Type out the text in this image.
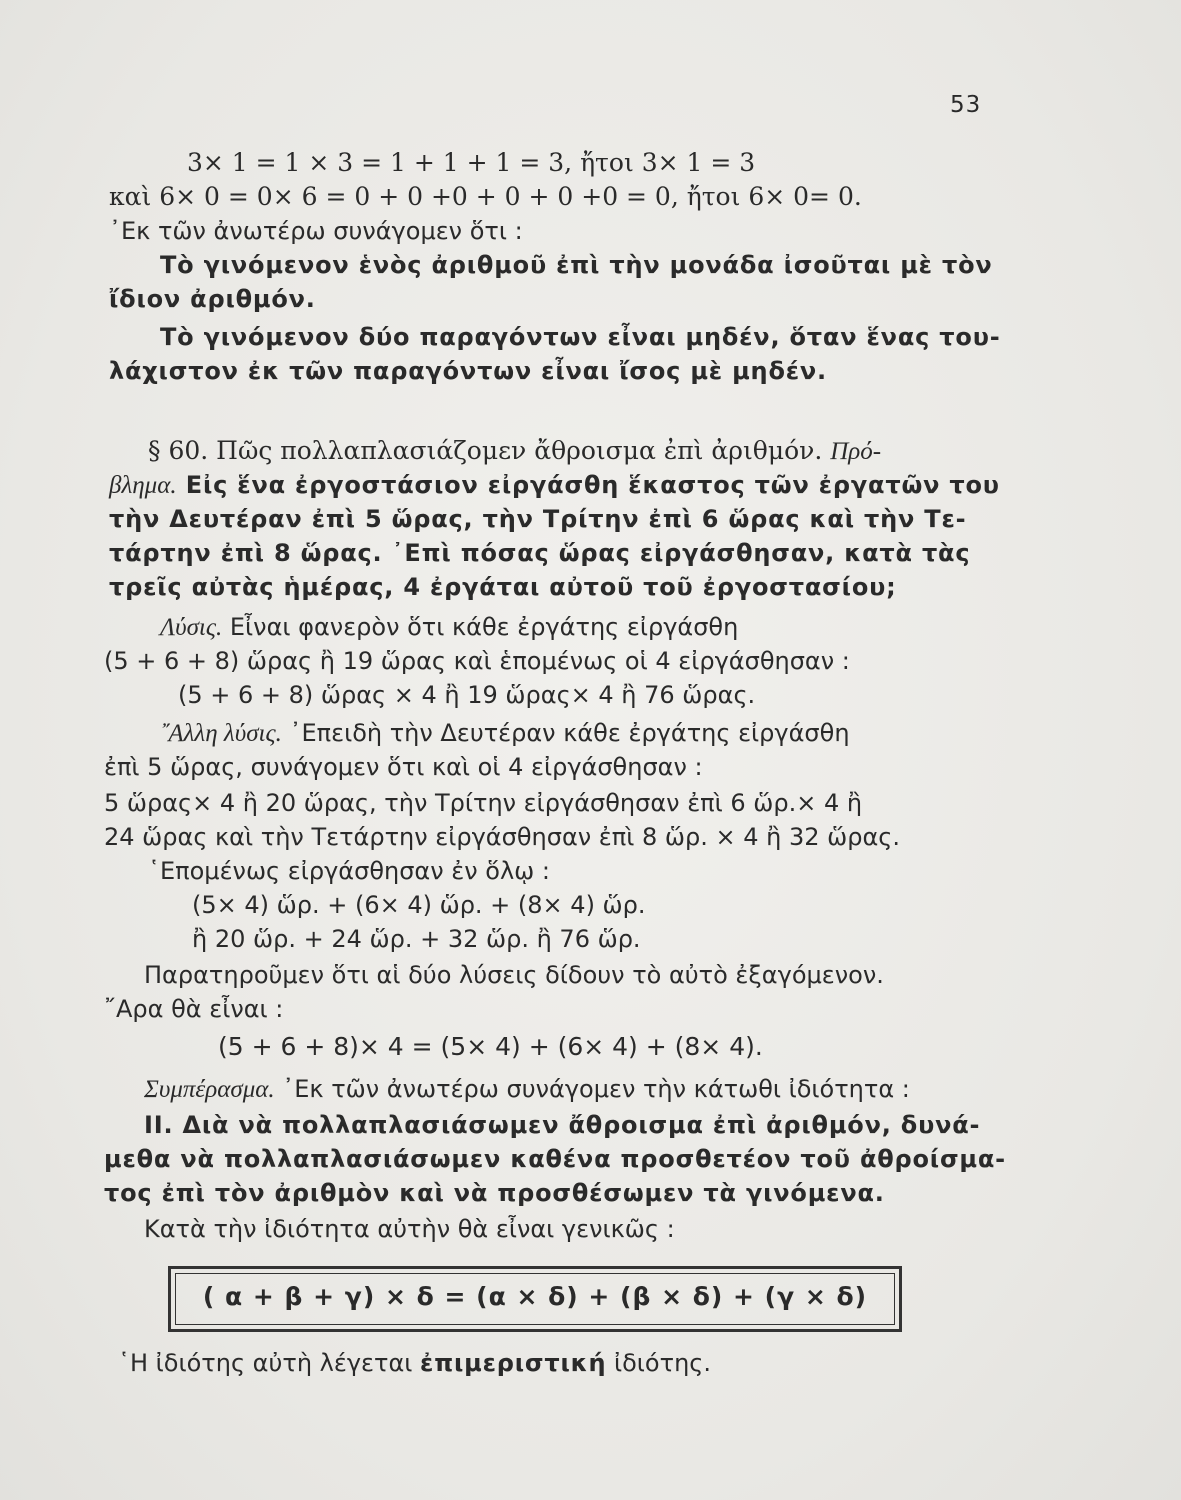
53
3× 1 = 1 × 3 = 1 + 1 + 1 = 3, ἤτοι 3× 1 = 3
καὶ 6× 0 = 0× 6 = 0 + 0 +0 + 0 + 0 +0 = 0, ἤτοι 6× 0= 0.
᾿Εκ τῶν ἀνωτέρω συνάγομεν ὅτι :
Τὸ γινόμενον ἑνὸς ἀριθμοῦ ἐπὶ τὴν μονάδα ἰσοῦται μὲ τὸν
ἴδιον ἀριθμόν.
Τὸ γινόμενον δύο παραγόντων εἶναι μηδέν, ὅταν ἕνας του-
λάχιστον ἐκ τῶν παραγόντων εἶναι ἴσος μὲ μηδέν.
§ 60. Πῶς πολλαπλασιάζομεν ἄθροισμα ἐπὶ ἀριθμόν. Πρό-
βλημα. Εἰς ἕνα ἐργοστάσιον εἰργάσθη ἕκαστος τῶν ἐργατῶν του
τὴν Δευτέραν ἐπὶ 5 ὥρας, τὴν Τρίτην ἐπὶ 6 ὥρας καὶ τὴν Τε-
τάρτην ἐπὶ 8 ὥρας. ᾿Επὶ πόσας ὥρας εἰργάσθησαν, κατὰ τὰς
τρεῖς αὐτὰς ἡμέρας, 4 ἐργάται αὐτοῦ τοῦ ἐργοστασίου;
Λύσις. Εἶναι φανερὸν ὅτι κάθε ἐργάτης εἰργάσθη
(5 + 6 + 8) ὥρας ἢ 19 ὥρας καὶ ἑπομένως οἱ 4 εἰργάσθησαν :
(5 + 6 + 8) ὥρας × 4 ἢ 19 ὥρας× 4 ἢ 76 ὥρας.
῎Αλλη λύσις. ᾿Επειδὴ τὴν Δευτέραν κάθε ἐργάτης εἰργάσθη
ἐπὶ 5 ὥρας, συνάγομεν ὅτι καὶ οἱ 4 εἰργάσθησαν :
5 ὥρας× 4 ἢ 20 ὥρας, τὴν Τρίτην εἰργάσθησαν ἐπὶ 6 ὥρ.× 4 ἢ
24 ὥρας καὶ τὴν Τετάρτην εἰργάσθησαν ἐπὶ 8 ὥρ. × 4 ἢ 32 ὥρας.
῾Επομένως εἰργάσθησαν ἐν ὅλῳ :
(5× 4) ὥρ. + (6× 4) ὥρ. + (8× 4) ὥρ.
ἢ 20 ὥρ. + 24 ὥρ. + 32 ὥρ. ἢ 76 ὥρ.
Παρατηροῦμεν ὅτι αἱ δύο λύσεις δίδουν τὸ αὐτὸ ἐξαγόμενον.
῎Αρα θὰ εἶναι :
(5 + 6 + 8)× 4 = (5× 4) + (6× 4) + (8× 4).
Συμπέρασμα. ᾿Εκ τῶν ἀνωτέρω συνάγομεν τὴν κάτωθι ἰδιότητα :
ΙΙ. Διὰ νὰ πολλαπλασιάσωμεν ἄθροισμα ἐπὶ ἀριθμόν, δυνά-
μεθα νὰ πολλαπλασιάσωμεν καθένα προσθετέον τοῦ ἀθροίσμα-
τος ἐπὶ τὸν ἀριθμὸν καὶ νὰ προσθέσωμεν τὰ γινόμενα.
Κατὰ τὴν ἰδιότητα αὐτὴν θὰ εἶναι γενικῶς :
( α + β + γ) × δ = (α × δ) + (β × δ) + (γ × δ)
῾Η ἰδιότης αὐτὴ λέγεται ἐπιμεριστική ἰδιότης.
